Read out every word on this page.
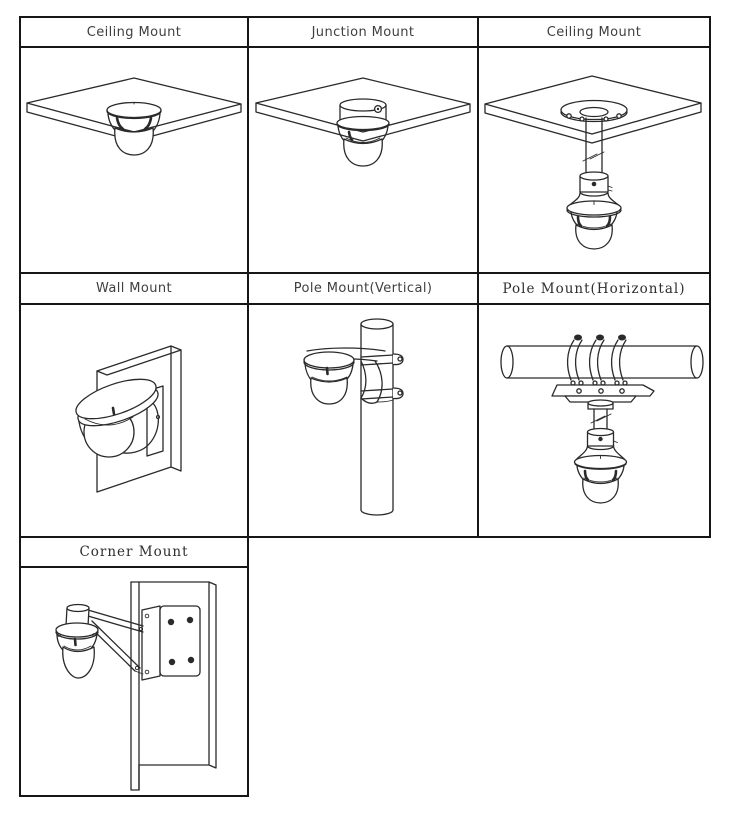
Ceiling Mount	Junction Mount	Ceiling Mount
Wall Mount	Pole Mount(Vertical)	Pole Mount(Horizontal)
Corner Mount
